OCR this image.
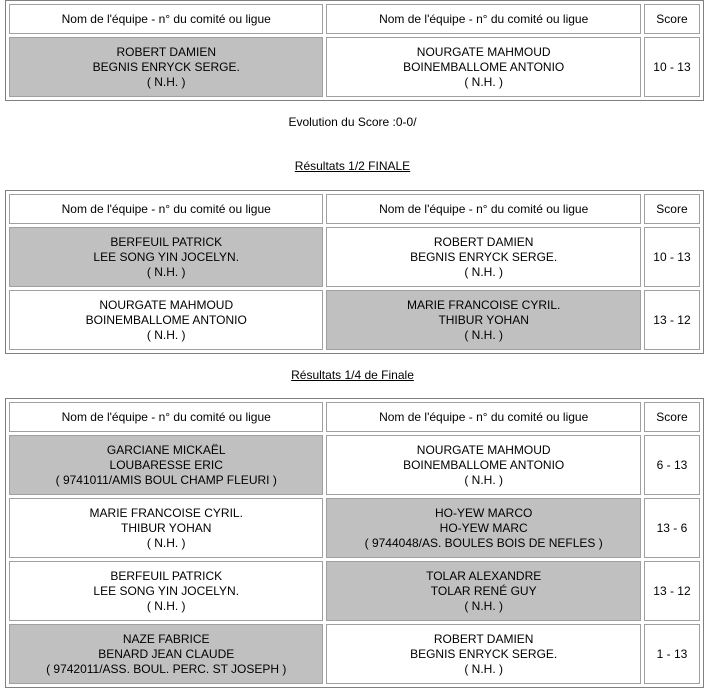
Nom de l'équipe - n° du comité ou ligue	Nom de l'équipe - n° du comité ou ligue	Score

ROBERT DAMIEN
BEGNIS ENRYCK SERGE.
( N.H. )	NOURGATE MAHMOUD
BOINEMBALLOME ANTONIO
( N.H. )	10 - 13
Evolution du Score :0-0/
Résultats 1/2 FINALE
Nom de l'équipe - n° du comité ou ligue	Nom de l'équipe - n° du comité ou ligue	Score

BERFEUIL PATRICK
LEE SONG YIN JOCELYN.
( N.H. )	ROBERT DAMIEN
BEGNIS ENRYCK SERGE.
( N.H. )	10 - 13

NOURGATE MAHMOUD
BOINEMBALLOME ANTONIO
( N.H. )	MARIE FRANCOISE CYRIL.
THIBUR YOHAN
( N.H. )	13 - 12
Résultats 1/4 de Finale
Nom de l'équipe - n° du comité ou ligue	Nom de l'équipe - n° du comité ou ligue	Score

GARCIANE MICKAËL
LOUBARESSE ERIC
( 9741011/AMIS BOUL CHAMP FLEURI )	NOURGATE MAHMOUD
BOINEMBALLOME ANTONIO
( N.H. )	6 - 13

MARIE FRANCOISE CYRIL.
THIBUR YOHAN
( N.H. )	HO-YEW MARCO
HO-YEW MARC
( 9744048/AS. BOULES BOIS DE NEFLES )	13 - 6

BERFEUIL PATRICK
LEE SONG YIN JOCELYN.
( N.H. )	TOLAR ALEXANDRE
TOLAR RENÉ GUY
( N.H. )	13 - 12

NAZE FABRICE
BENARD JEAN CLAUDE
( 9742011/ASS. BOUL. PERC. ST JOSEPH )	ROBERT DAMIEN
BEGNIS ENRYCK SERGE.
( N.H. )	1 - 13
